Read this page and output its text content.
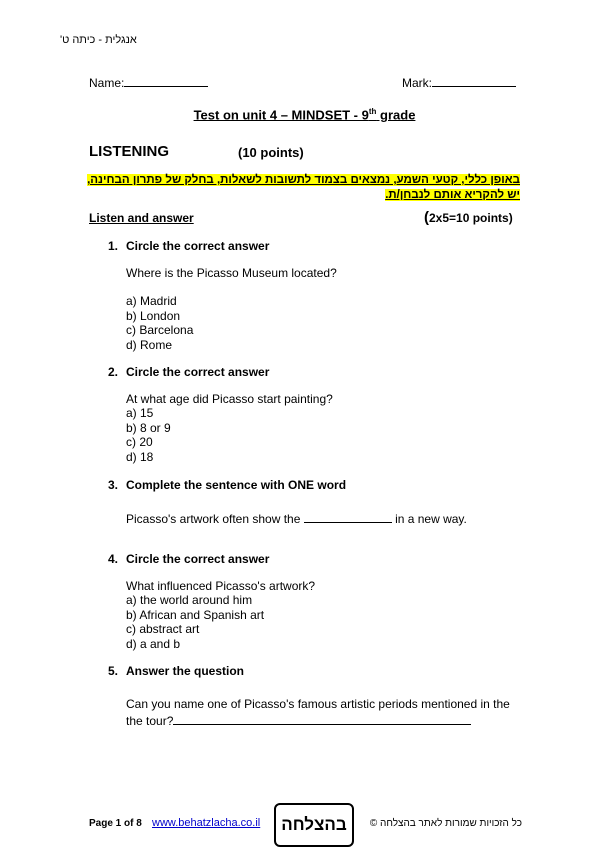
אנגלית - כיתה ט'
Name:	Mark:
Test on unit 4 – MINDSET - 9th grade
LISTENING	(10 points)
באופן כללי, קטעי השמע, נמצאים בצמוד לתשובות לשאלות, בחלק של פתרון הבחינה,
יש להקריא אותם לנבחן/ת.
Listen and answer	(2x5=10 points)
1. Circle the correct answer
Where is the Picasso Museum located?
a) Madrid
b) London
c) Barcelona
d) Rome
2. Circle the correct answer
At what age did Picasso start painting?
a) 15
b) 8 or 9
c) 20
d) 18
3. Complete the sentence with ONE word
Picasso's artwork often show the	in a new way.
4. Circle the correct answer
What influenced Picasso's artwork?
a) the world around him
b) African and Spanish art
c) abstract art
d) a and b
5. Answer the question
Can you name one of Picasso's famous artistic periods mentioned in the
the tour?
Page 1 of 8 www.behatzlacha.co.il	בהצלחה	כל הזכויות שמורות לאתר בהצלחה ©
